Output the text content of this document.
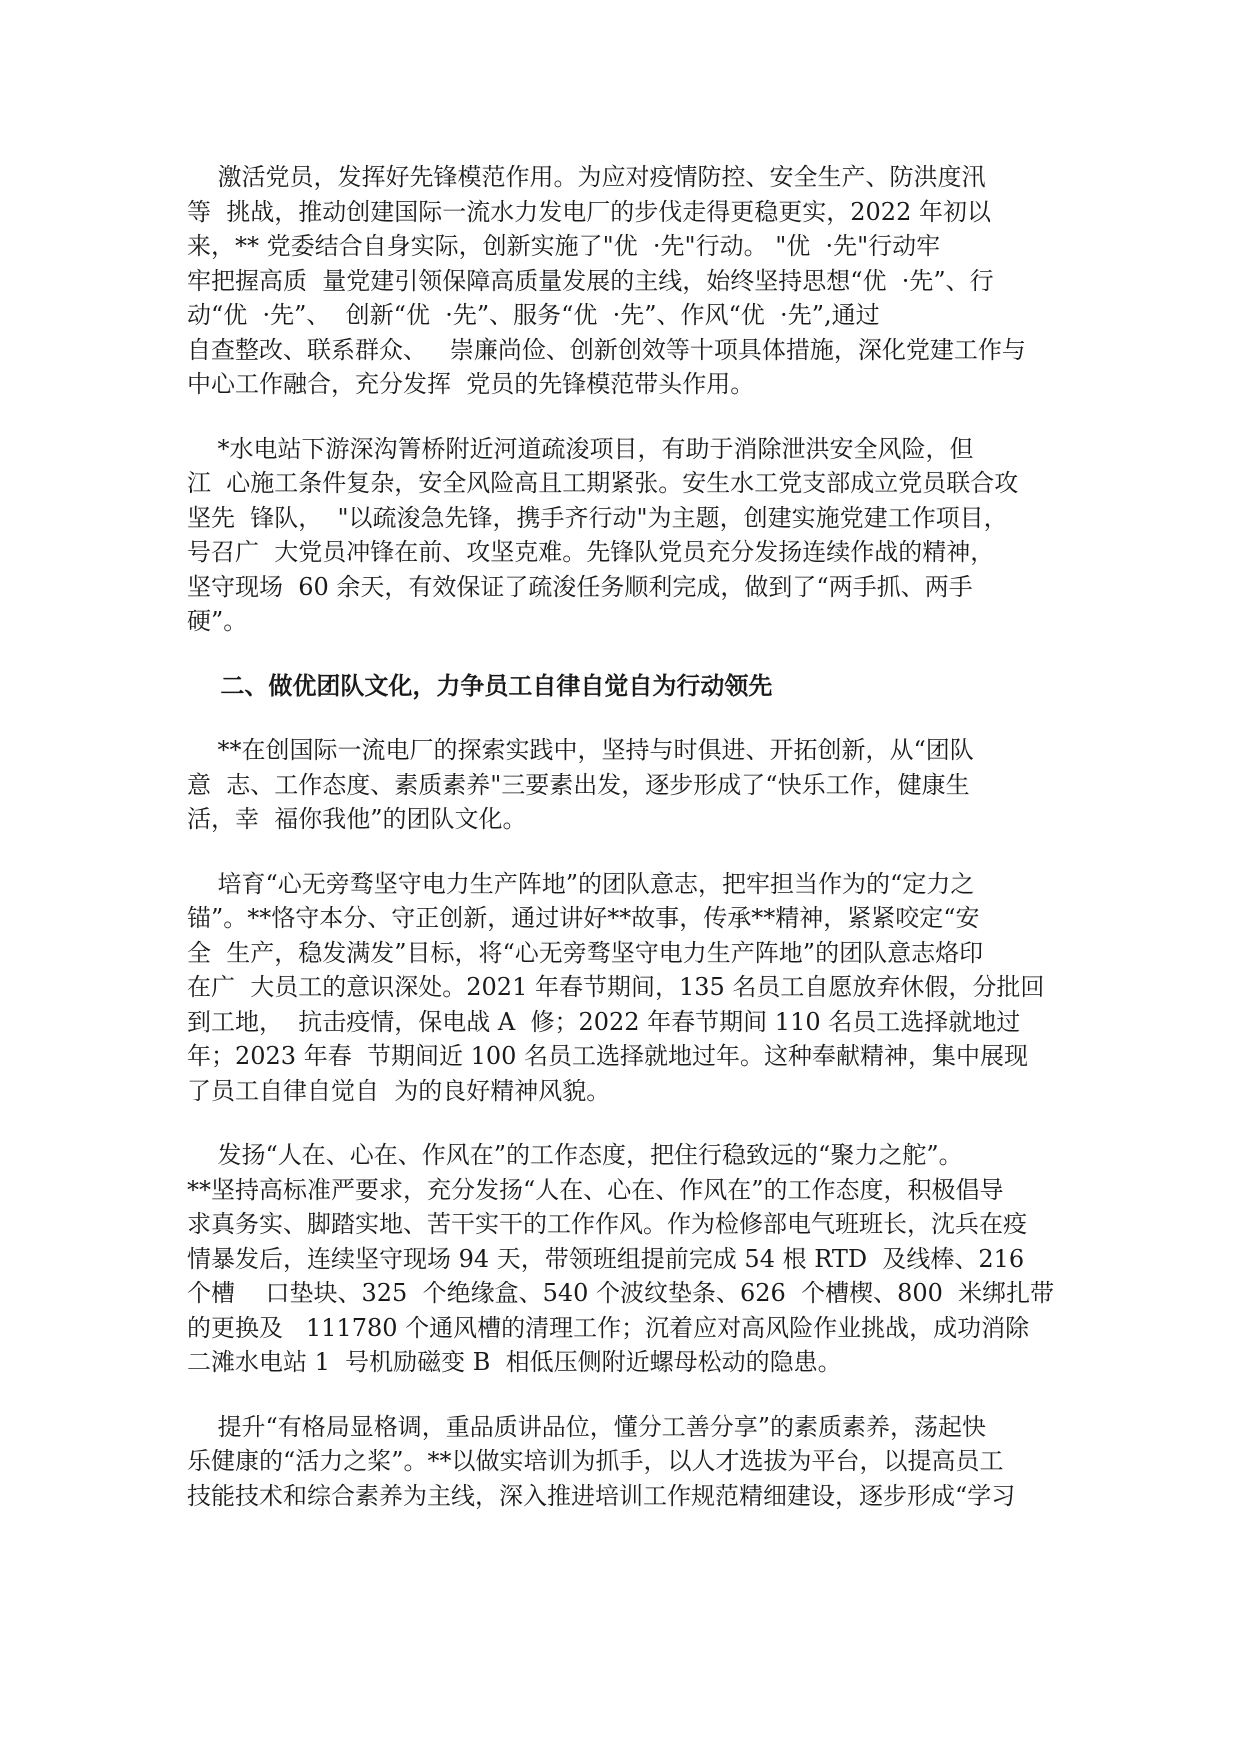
激活党员，发挥好先锋模范作用。为应对疫情防控、安全生产、防洪度汛
等  挑战，推动创建国际一流水力发电厂的步伐走得更稳更实，2022 年初以
来，** 党委结合自身实际，创新实施了"优  ·先"行动。 "优  ·先"行动牢
牢把握高质  量党建引领保障高质量发展的主线，始终坚持思想“优  ·先”、行
动“优  ·先”、  创新“优  ·先”、服务“优  ·先”、作风“优  ·先”,通过
自查整改、联系群众、   崇廉尚俭、创新创效等十项具体措施，深化党建工作与
中心工作融合，充分发挥  党员的先锋模范带头作用。
*水电站下游深沟箐桥附近河道疏浚项目，有助于消除泄洪安全风险，但
江  心施工条件复杂，安全风险高且工期紧张。安生水工党支部成立党员联合攻
坚先  锋队，  "以疏浚急先锋，携手齐行动"为主题，创建实施党建工作项目，
号召广  大党员冲锋在前、攻坚克难。先锋队党员充分发扬连续作战的精神，
坚守现场  60 余天，有效保证了疏浚任务顺利完成，做到了“两手抓、两手
硬”。
二、做优团队文化，力争员工自律自觉自为行动领先
**在创国际一流电厂的探索实践中，坚持与时俱进、开拓创新，从“团队
意  志、工作态度、素质素养"三要素出发，逐步形成了“快乐工作，健康生
活，幸  福你我他”的团队文化。
培育“心无旁骛坚守电力生产阵地”的团队意志，把牢担当作为的“定力之
锚”。**恪守本分、守正创新，通过讲好**故事，传承**精神，紧紧咬定“安
全  生产，稳发满发”目标，将“心无旁骛坚守电力生产阵地”的团队意志烙印
在广  大员工的意识深处。2021 年春节期间，135 名员工自愿放弃休假，分批回
到工地，  抗击疫情，保电战 A  修；2022 年春节期间 110 名员工选择就地过
年；2023 年春  节期间近 100 名员工选择就地过年。这种奉献精神，集中展现
了员工自律自觉自  为的良好精神风貌。
发扬“人在、心在、作风在”的工作态度，把住行稳致远的“聚力之舵”。
**坚持高标准严要求，充分发扬“人在、心在、作风在”的工作态度，积极倡导
求真务实、脚踏实地、苦干实干的工作作风。作为检修部电气班班长，沈兵在疫
情暴发后，连续坚守现场 94 天，带领班组提前完成 54 根 RTD  及线棒、216
个槽    口垫块、325  个绝缘盒、540 个波纹垫条、626  个槽楔、800  米绑扎带
的更换及   111780 个通风槽的清理工作；沉着应对高风险作业挑战，成功消除
二滩水电站 1  号机励磁变 B  相低压侧附近螺母松动的隐患。
提升“有格局显格调，重品质讲品位，懂分工善分享”的素质素养，荡起快
乐健康的“活力之桨”。**以做实培训为抓手，以人才选拔为平台，以提高员工
技能技术和综合素养为主线，深入推进培训工作规范精细建设，逐步形成“学习
